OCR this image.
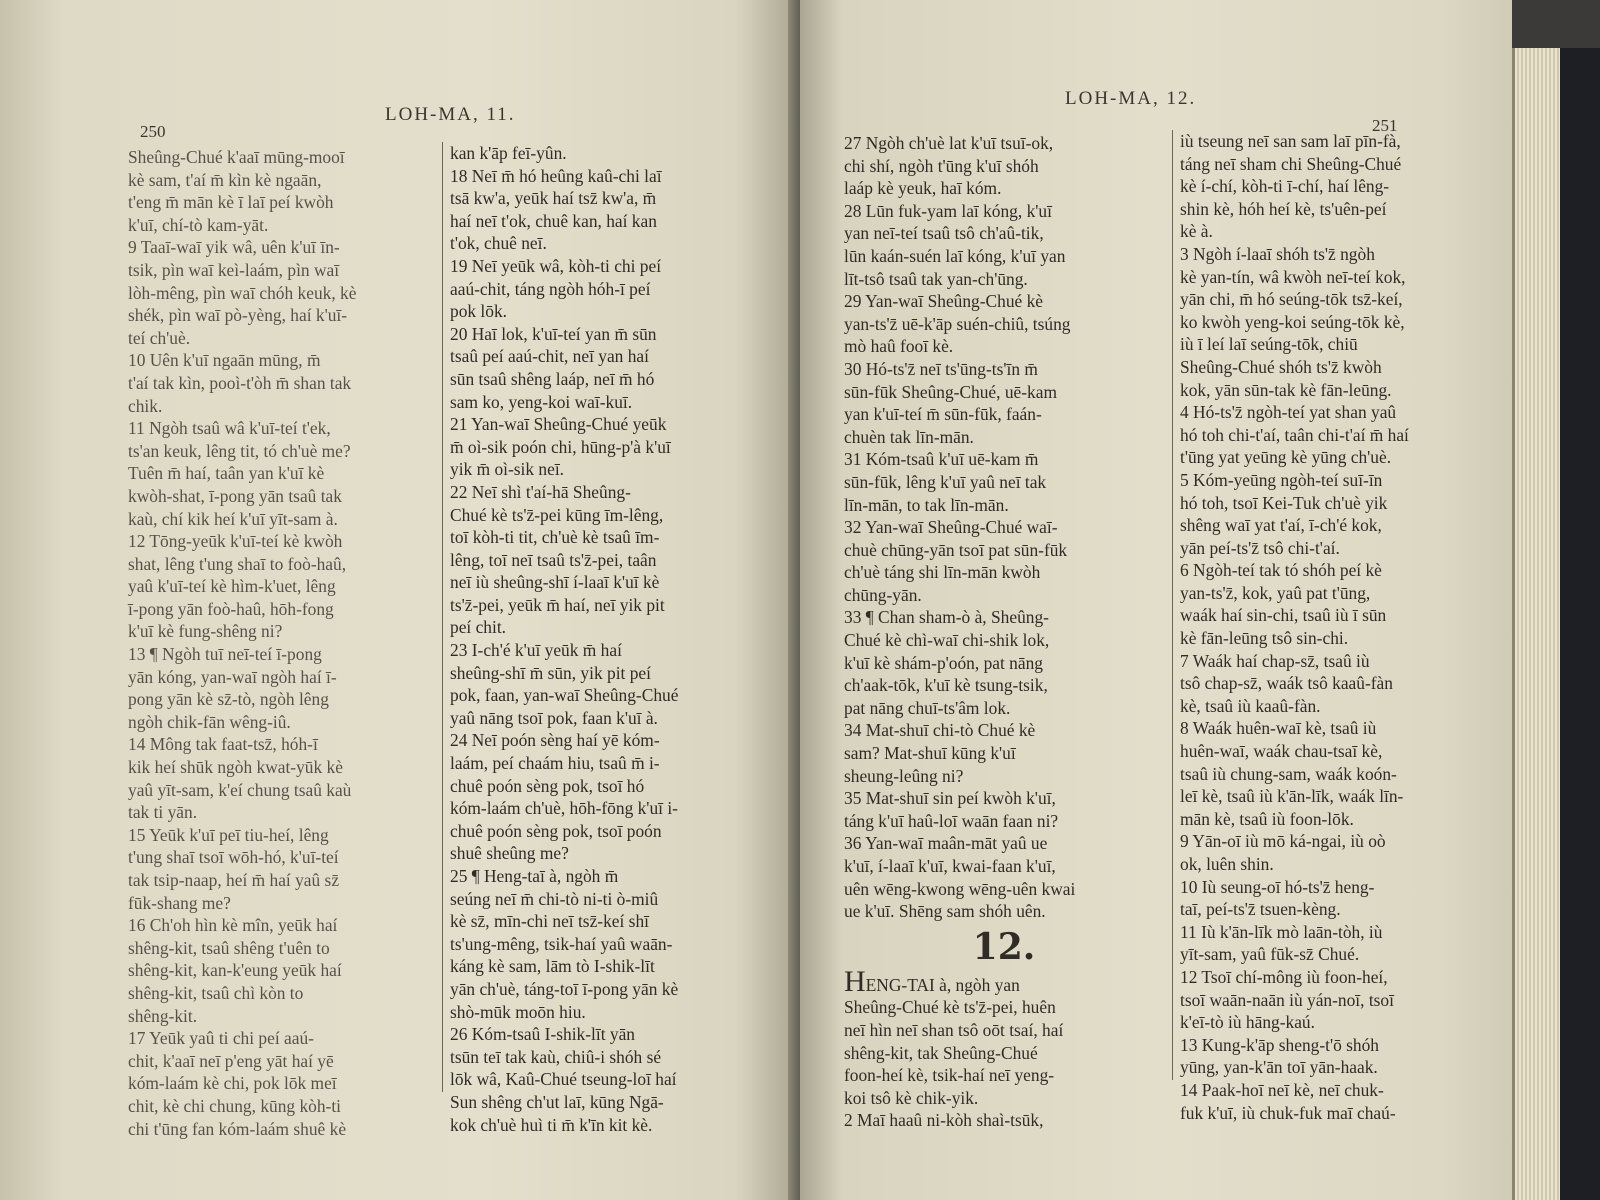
LOH-MA, 11.
250
Sheûng-Chué k'aaī mūng-mooī
kè sam, t'aí m̄ kìn kè ngaān,
t'eng m̄ mān kè ī laī peí kwòh
k'uī, chí-tò kam-yāt.
9 Taaī-waī yik wâ, uên k'uī īn-
tsik, pìn waī keì-laám, pìn waī
lòh-mêng, pìn waī chóh keuk, kè
shék, pìn waī pò-yèng, haí k'uī-
teí ch'uè.
10 Uên k'uī ngaān mūng, m̄
t'aí tak kìn, pooì-t'òh m̄ shan tak
chik.
11 Ngòh tsaû wâ k'uī-teí t'ek,
ts'an keuk, lêng tit, tó ch'uè me?
Tuên m̄ haí, taân yan k'uī kè
kwòh-shat, ī-pong yān tsaû tak
kaù, chí kik heí k'uī yīt-sam à.
12 Tōng-yeūk k'uī-teí kè kwòh
shat, lêng t'ung shaī to foò-haû,
yaû k'uī-teí kè hìm-k'uet, lêng
ī-pong yān foò-haû, hōh-fong
k'uī kè fung-shêng ni?
13 ¶ Ngòh tuī neī-teí ī-pong
yān kóng, yan-waī ngòh haí ī-
pong yān kè sz̄-tò, ngòh lêng
ngòh chik-fān wêng-iû.
14 Mông tak faat-tsz̄, hóh-ī
kik heí shūk ngòh kwat-yūk kè
yaû yīt-sam, k'eí chung tsaû kaù
tak ti yān.
15 Yeūk k'uī peī tiu-heí, lêng
t'ung shaī tsoī wōh-hó, k'uī-teí
tak tsip-naap, heí m̄ haí yaû sz̄
fūk-shang me?
16 Ch'oh hìn kè mîn, yeūk haí
shêng-kit, tsaû shêng t'uên to
shêng-kit, kan-k'eung yeūk haí
shêng-kit, tsaû chì kòn to
shêng-kit.
17 Yeūk yaû ti chi peí aaú-
chit, k'aaī neī p'eng yāt haí yē
kóm-laám kè chi, pok lōk meī
chit, kè chi chung, kūng kòh-ti
chi t'ūng fan kóm-laám shuê kè
kan k'āp feī-yûn.
18 Neī m̄ hó heûng kaû-chi laī
tsā kw'a, yeūk haí tsz̄ kw'a, m̄
haí neī t'ok, chuê kan, haí kan
t'ok, chuê neī.
19 Neī yeūk wâ, kòh-ti chi peí
aaú-chit, táng ngòh hóh-ī peí
pok lōk.
20 Haī lok, k'uī-teí yan m̄ sūn
tsaû peí aaú-chit, neī yan haí
sūn tsaû shêng laáp, neī m̄ hó
sam ko, yeng-koi waī-kuī.
21 Yan-waī Sheûng-Chué yeūk
m̄ oì-sik poón chi, hūng-p'à k'uī
yik m̄ oì-sik neī.
22 Neī shì t'aí-hā Sheûng-
Chué kè ts'z̄-pei kūng īm-lêng,
toī kòh-ti tit, ch'uè kè tsaû īm-
lêng, toī neī tsaû ts'z̄-pei, taân
neī iù sheûng-shī í-laaī k'uī kè
ts'z̄-pei, yeūk m̄ haí, neī yik pit
peí chit.
23 I-ch'é k'uī yeūk m̄ haí
sheûng-shī m̄ sūn, yik pit peí
pok, faan, yan-waī Sheûng-Chué
yaû nāng tsoī pok, faan k'uī à.
24 Neī poón sèng haí yē kóm-
laám, peí chaám hiu, tsaû m̄ i-
chuê poón sèng pok, tsoī hó
kóm-laám ch'uè, hōh-fōng k'uī i-
chuê poón sèng pok, tsoī poón
shuê sheûng me?
25 ¶ Heng-taī à, ngòh m̄
seúng neī m̄ chi-tò ni-ti ò-miû
kè sz̄, mīn-chi neī tsz̄-keí shī
ts'ung-mêng, tsik-haí yaû waān-
káng kè sam, lām tò I-shik-līt
yān ch'uè, táng-toī ī-pong yān kè
shò-mūk moōn hiu.
26 Kóm-tsaû I-shik-līt yān
tsūn teī tak kaù, chiû-i shóh sé
lōk wâ, Kaû-Chué tseung-loī haí
Sun shêng ch'ut laī, kūng Ngā-
kok ch'uè huì ti m̄ k'īn kit kè.
LOH-MA, 12.
251
27 Ngòh ch'uè lat k'uī tsuī-ok,
chi shí, ngòh t'ūng k'uī shóh
laáp kè yeuk, haī kóm.
28 Lūn fuk-yam laī kóng, k'uī
yan neī-teí tsaû tsô ch'aû-tik,
lūn kaán-suén laī kóng, k'uī yan
līt-tsô tsaû tak yan-ch'ūng.
29 Yan-waī Sheûng-Chué kè
yan-ts'z̄ uē-k'āp suén-chiû, tsúng
mò haû fooī kè.
30 Hó-ts'z̄ neī ts'ūng-ts'īn m̄
sūn-fūk Sheûng-Chué, uē-kam
yan k'uī-teí m̄ sūn-fūk, faán-
chuèn tak līn-mān.
31 Kóm-tsaû k'uī uē-kam m̄
sūn-fūk, lêng k'uī yaû neī tak
līn-mān, to tak līn-mān.
32 Yan-waī Sheûng-Chué waī-
chuè chūng-yān tsoī pat sūn-fūk
ch'uè táng shi līn-mān kwòh
chūng-yān.
33 ¶ Chan sham-ò à, Sheûng-
Chué kè chì-waī chi-shik lok,
k'uī kè shám-p'oón, pat nāng
ch'aak-tōk, k'uī kè tsung-tsik,
pat nāng chuī-ts'âm lok.
34 Mat-shuī chi-tò Chué kè
sam? Mat-shuī kūng k'uī
sheung-leûng ni?
35 Mat-shuī sin peí kwòh k'uī,
táng k'uī haû-loī waān faan ni?
36 Yan-waī maân-māt yaû ue
k'uī, í-laaī k'uī, kwai-faan k'uī,
uên wēng-kwong wēng-uên kwai
ue k'uī. Shēng sam shóh uên.
12.
HENG-TAI à, ngòh yan
Sheûng-Chué kè ts'z̄-pei, huên
neī hìn neī shan tsô oōt tsaí, haí
shêng-kit, tak Sheûng-Chué
foon-heí kè, tsik-haí neī yeng-
koi tsô kè chik-yik.
2 Maī haaû ni-kòh shaì-tsūk,
iù tseung neī san sam laī pīn-fà,
táng neī sham chi Sheûng-Chué
kè í-chí, kòh-ti ī-chí, haí lêng-
shin kè, hóh heí kè, ts'uên-peí
kè à.
3 Ngòh í-laaī shóh ts'z̄ ngòh
kè yan-tín, wâ kwòh neī-teí kok,
yān chi, m̄ hó seúng-tōk tsz̄-keí,
ko kwòh yeng-koi seúng-tōk kè,
iù ī leí laī seúng-tōk, chiū
Sheûng-Chué shóh ts'z̄ kwòh
kok, yān sūn-tak kè fān-leūng.
4 Hó-ts'z̄ ngòh-teí yat shan yaû
hó toh chi-t'aí, taân chi-t'aí m̄ haí
t'ūng yat yeūng kè yūng ch'uè.
5 Kóm-yeūng ngòh-teí suī-īn
hó toh, tsoī Kei-Tuk ch'uè yik
shêng waī yat t'aí, ī-ch'é kok,
yān peí-ts'z̄ tsô chi-t'aí.
6 Ngòh-teí tak tó shóh peí kè
yan-ts'z̄, kok, yaû pat t'ūng,
waák haí sin-chi, tsaû iù ī sūn
kè fān-leūng tsô sin-chi.
7 Waák haí chap-sz̄, tsaû iù
tsô chap-sz̄, waák tsô kaaû-fàn
kè, tsaû iù kaaû-fàn.
8 Waák huên-waī kè, tsaû iù
huên-waī, waák chau-tsaī kè,
tsaû iù chung-sam, waák koón-
leī kè, tsaû iù k'ān-līk, waák līn-
mān kè, tsaû iù foon-lōk.
9 Yān-oī iù mō ká-ngai, iù oò
ok, luên shin.
10 Iù seung-oī hó-ts'z̄ heng-
taī, peí-ts'z̄ tsuen-kèng.
11 Iù k'ān-līk mò laān-tòh, iù
yīt-sam, yaû fūk-sz̄ Chué.
12 Tsoī chí-mông iù foon-heí,
tsoī waān-naān iù yán-noī, tsoī
k'eī-tò iù hāng-kaú.
13 Kung-k'āp sheng-t'ō shóh
yūng, yan-k'ān toī yān-haak.
14 Paak-hoī neī kè, neī chuk-
fuk k'uī, iù chuk-fuk maī chaú-
